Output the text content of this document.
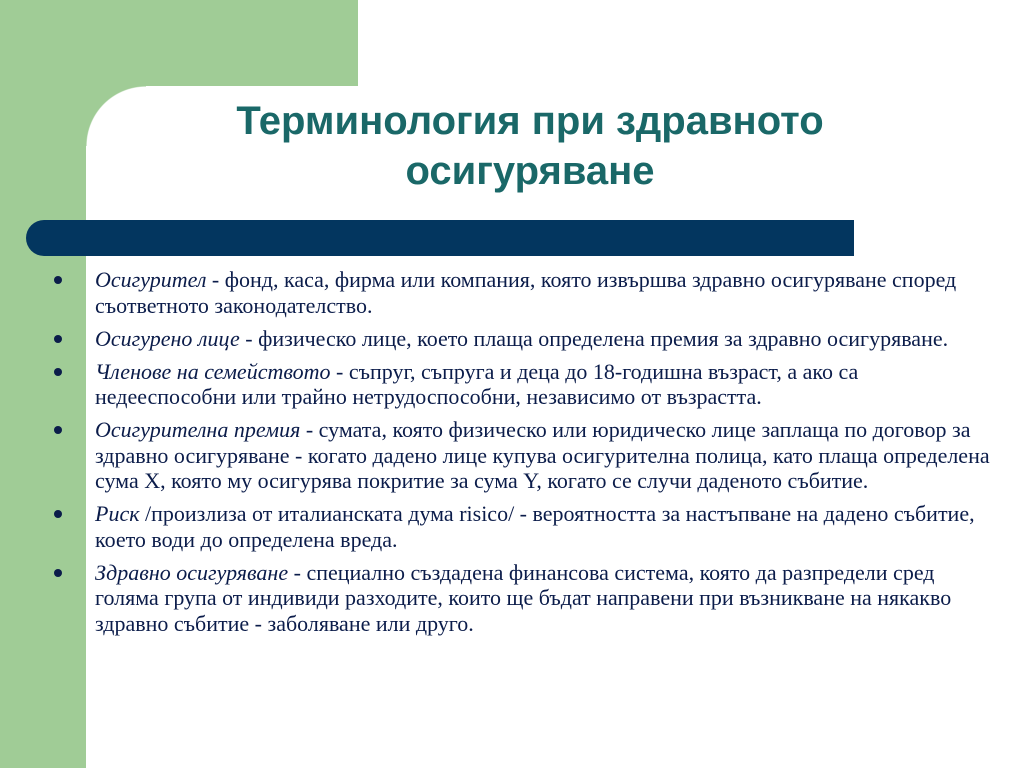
Терминология при здравното
осигуряване
Осигурител - фонд, каса, фирма или компания, която извършва здравно осигуряване според съответното законодателство.
Осигурено лице - физическо лице, което плаща определена премия за здравно осигуряване.
Членове на семейството - съпруг, съпруга и деца до 18-годишна възраст, а ако са недееспособни или трайно нетрудоспособни, независимо от възрастта.
Осигурителна премия - сумата, която физическо или юридическо лице заплаща по договор за здравно осигуряване - когато дадено лице купува осигурителна полица, като плаща определена сума X, която му осигурява покритие за сума Y, когато се случи даденото събитие.
Риск /произлиза от италианската дума risico/ - вероятността за настъпване на дадено събитие, което води до определена вреда.
Здравно осигуряване - специално създадена финансова система, която да разпредели сред голяма група от индивиди разходите, които ще бъдат направени при възникване на някакво здравно събитие - заболяване или друго.
